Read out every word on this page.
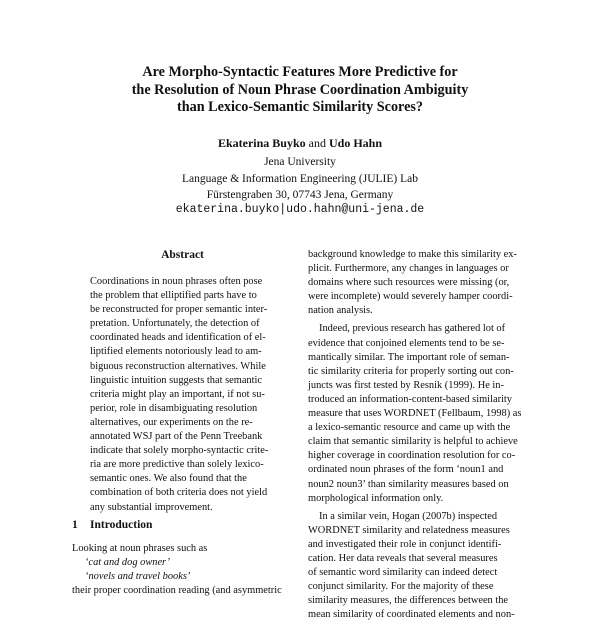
Are Morpho-Syntactic Features More Predictive for
the Resolution of Noun Phrase Coordination Ambiguity
than Lexico-Semantic Similarity Scores?
Ekaterina Buyko and Udo Hahn
Jena University
Language & Information Engineering (JULIE) Lab
Fürstengraben 30, 07743 Jena, Germany
ekaterina.buyko|udo.hahn@uni-jena.de
Abstract
Coordinations in noun phrases often pose
the problem that elliptified parts have to
be reconstructed for proper semantic inter-
pretation. Unfortunately, the detection of
coordinated heads and identification of el-
liptified elements notoriously lead to am-
biguous reconstruction alternatives. While
linguistic intuition suggests that semantic
criteria might play an important, if not su-
perior, role in disambiguating resolution
alternatives, our experiments on the re-
annotated WSJ part of the Penn Treebank
indicate that solely morpho-syntactic crite-
ria are more predictive than solely lexico-
semantic ones. We also found that the
combination of both criteria does not yield
any substantial improvement.
1 Introduction
Looking at noun phrases such as
‘cat and dog owner’
‘novels and travel books’
their proper coordination reading (and asymmetric
background knowledge to make this similarity ex-
plicit. Furthermore, any changes in languages or
domains where such resources were missing (or,
were incomplete) would severely hamper coordi-
nation analysis.
Indeed, previous research has gathered lot of
evidence that conjoined elements tend to be se-
mantically similar. The important role of seman-
tic similarity criteria for properly sorting out con-
juncts was first tested by Resnik (1999). He in-
troduced an information-content-based similarity
measure that uses WORDNET (Fellbaum, 1998) as
a lexico-semantic resource and came up with the
claim that semantic similarity is helpful to achieve
higher coverage in coordination resolution for co-
ordinated noun phrases of the form ‘noun1 and
noun2 noun3’ than similarity measures based on
morphological information only.
In a similar vein, Hogan (2007b) inspected
WORDNET similarity and relatedness measures
and investigated their role in conjunct identifi-
cation. Her data reveals that several measures
of semantic word similarity can indeed detect
conjunct similarity. For the majority of these
similarity measures, the differences between the
mean similarity of coordinated elements and non-
